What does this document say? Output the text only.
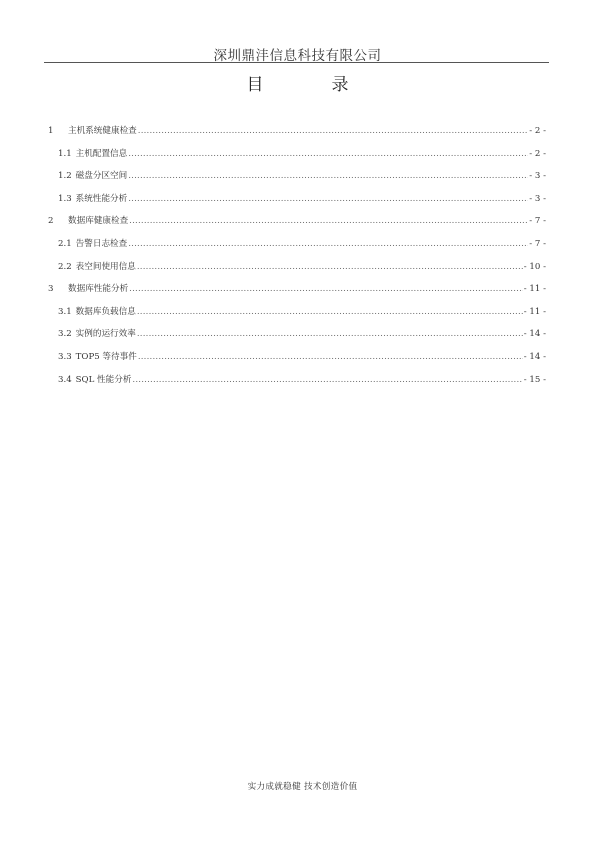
深圳鼎沣信息科技有限公司
目	录
1	主机系统健康检查 .....	- 2 -
1.1 主机配置信息 .....	- 2 -
1.2 磁盘分区空间 .....	- 3 -
1.3 系统性能分析 .....	- 3 -
2	数据库健康检查 .....	- 7 -
2.1 告警日志检查 .....	- 7 -
2.2 表空间使用信息 .....	- 10 -
3	数据库性能分析 .....	- 11 -
3.1 数据库负载信息 .....	- 11 -
3.2 实例的运行效率 .....	- 14 -
3.3 TOP5 等待事件 .....	- 14 -
3.4 SQL 性能分析 .....	- 15 -
实力成就稳健 技术创造价值
